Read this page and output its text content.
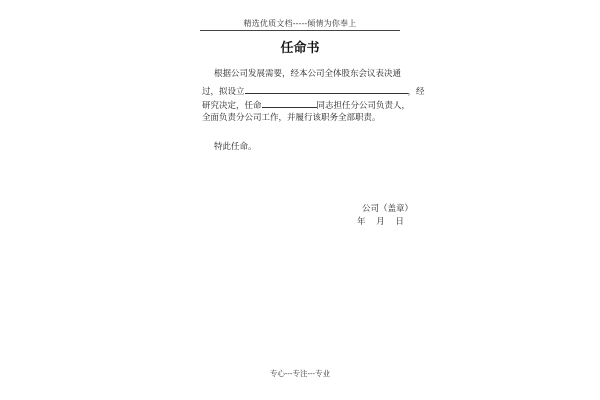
精选优质文档-----倾情为你奉上
任命书
根据公司发展需要，经本公司全体股东会议表决通
过，拟设立	，经
研究决定，任命	同志担任分公司负责人，
全面负责分公司工作，并履行该职务全部职责。
特此任命。
公司（盖章）
年 月 日
专心---专注---专业
